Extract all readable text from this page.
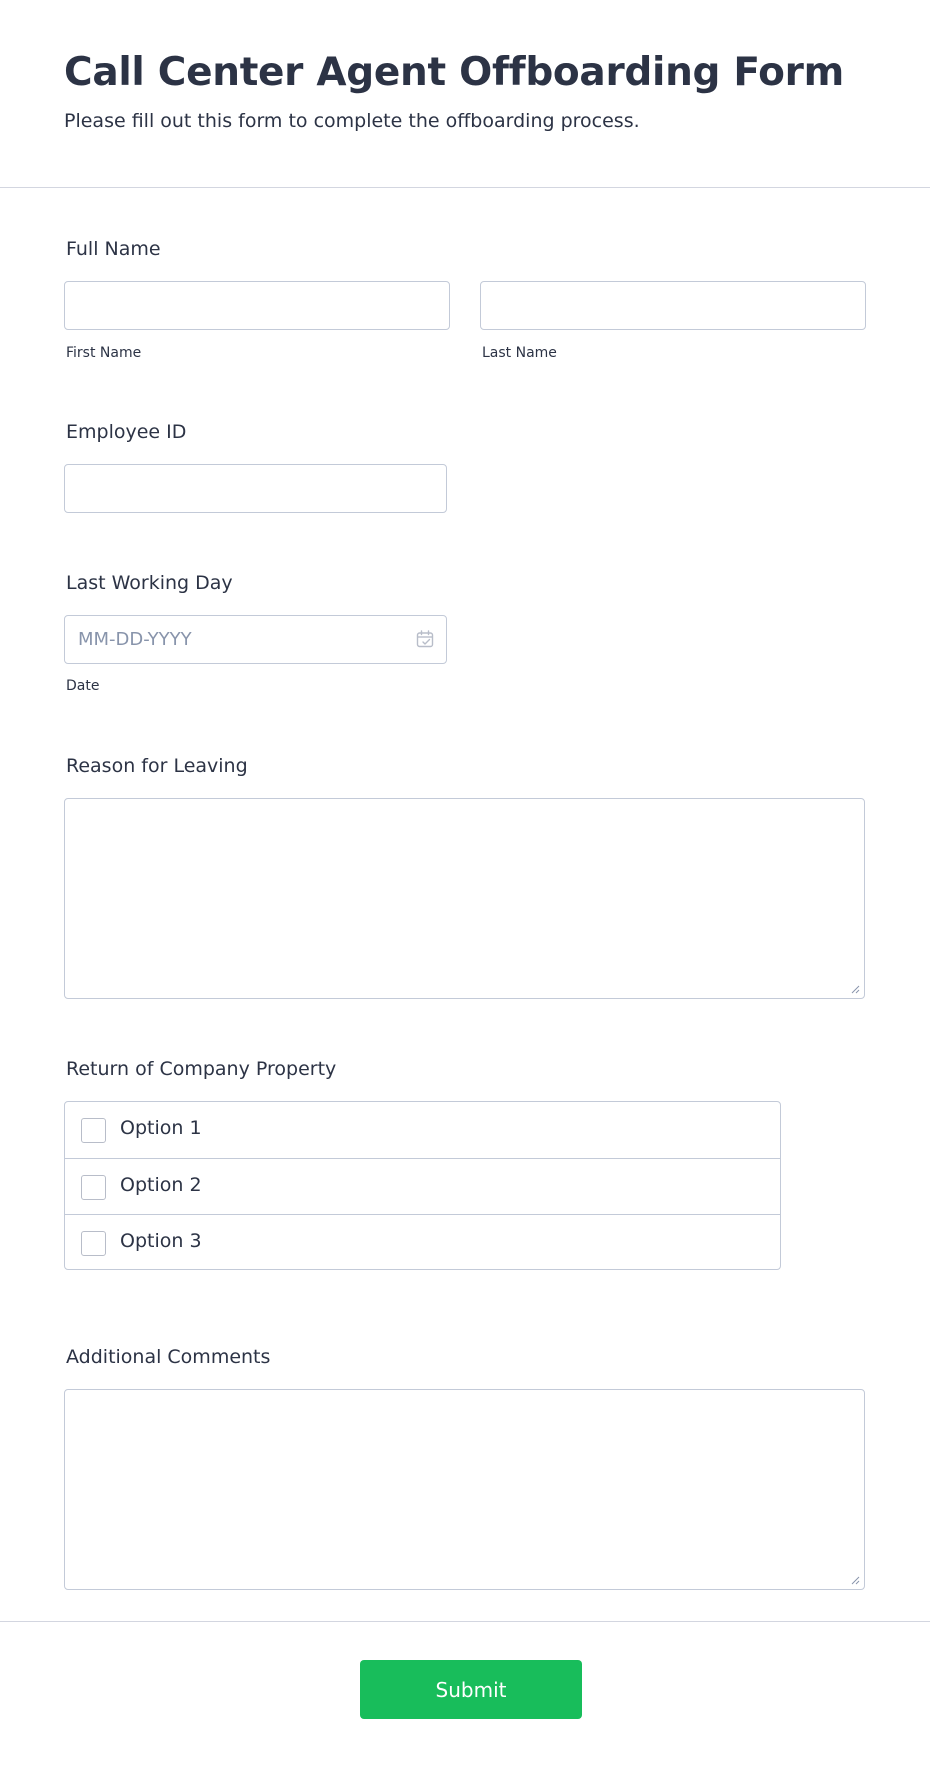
Call Center Agent Offboarding Form

Please fill out this form to complete the offboarding process.

Full Name
First Name	Last Name
Employee ID
Last Working Day
MM-DD-YYYY
Date
Reason for Leaving
Return of Company Property
Option 1
Option 2
Option 3
Additional Comments
Submit
